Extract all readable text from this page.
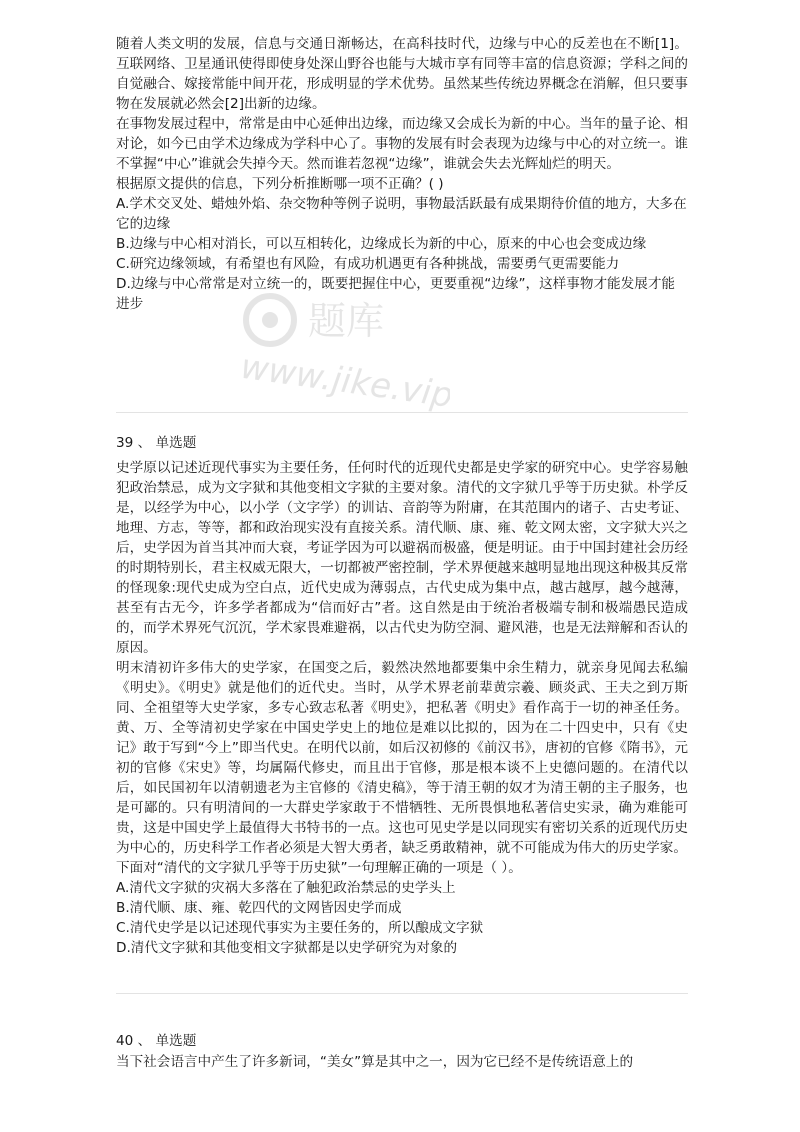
随着人类文明的发展，信息与交通日渐畅达，在高科技时代，边缘与中心的反差也在不断[1]。互联网络、卫星通讯使得即使身处深山野谷也能与大城市享有同等丰富的信息资源；学科之间的自觉融合、嫁接常能中间开花，形成明显的学术优势。虽然某些传统边界概念在消解，但只要事物在发展就必然会[2]出新的边缘。

在事物发展过程中，常常是由中心延伸出边缘，而边缘又会成长为新的中心。当年的量子论、相对论，如今已由学术边缘成为学科中心了。事物的发展有时会表现为边缘与中心的对立统一。谁不掌握“中心”谁就会失掉今天。然而谁若忽视“边缘”，谁就会失去光辉灿烂的明天。

根据原文提供的信息，下列分析推断哪一项不正确？( )

A.学术交叉处、蜡烛外焰、杂交物种等例子说明，事物最活跃最有成果期待价值的地方，大多在它的边缘

B.边缘与中心相对消长，可以互相转化，边缘成长为新的中心，原来的中心也会变成边缘

C.研究边缘领域，有希望也有风险，有成功机遇更有各种挑战，需要勇气更需要能力

D.边缘与中心常常是对立统一的，既要把握住中心，更要重视“边缘”，这样事物才能发展才能进步	题库
www.jike.vip

39 、 单选题

史学原以记述近现代事实为主要任务，任何时代的近现代史都是史学家的研究中心。史学容易触犯政治禁忌，成为文字狱和其他变相文字狱的主要对象。清代的文字狱几乎等于历史狱。朴学反是，以经学为中心，以小学（文字学）的训诂、音韵等为附庸，在其范围内的诸子、古史考证、地理、方志，等等，都和政治现实没有直接关系。清代顺、康、雍、乾文网太密，文字狱大兴之后，史学因为首当其冲而大衰，考证学因为可以避祸而极盛，便是明证。由于中国封建社会历经的时期特别长，君主权威无限大，一切都被严密控制，学术界便越来越明显地出现这种极其反常的怪现象:现代史成为空白点，近代史成为薄弱点，古代史成为集中点，越古越厚，越今越薄，甚至有古无今，许多学者都成为“信而好古”者。这自然是由于统治者极端专制和极端愚民造成的，而学术界死气沉沉，学术家畏难避祸，以古代史为防空洞、避风港，也是无法辩解和否认的原因。

明末清初许多伟大的史学家，在国变之后，毅然决然地都要集中余生精力，就亲身见闻去私编《明史》。《明史》就是他们的近代史。当时，从学术界老前辈黄宗羲、顾炎武、王夫之到万斯同、全祖望等大史学家，多专心致志私著《明史》，把私著《明史》看作高于一切的神圣任务。黄、万、全等清初史学家在中国史学史上的地位是难以比拟的，因为在二十四史中，只有《史记》敢于写到“今上”即当代史。在明代以前，如后汉初修的《前汉书》，唐初的官修《隋书》，元初的官修《宋史》等，均属隔代修史，而且出于官修，那是根本谈不上史德问题的。在清代以后，如民国初年以清朝遗老为主官修的《清史稿》，等于清王朝的奴才为清王朝的主子服务，也是可鄙的。只有明清间的一大群史学家敢于不惜牺牲、无所畏惧地私著信史实录，确为难能可贵，这是中国史学上最值得大书特书的一点。这也可见史学是以同现实有密切关系的近现代历史为中心的，历史科学工作者必须是大智大勇者，缺乏勇敢精神，就不可能成为伟大的历史学家。

下面对“清代的文字狱几乎等于历史狱”一句理解正确的一项是（ ）。

A.清代文字狱的灾祸大多落在了触犯政治禁忌的史学头上

B.清代顺、康、雍、乾四代的文网皆因史学而成

C.清代史学是以记述现代事实为主要任务的，所以酿成文字狱

D.清代文字狱和其他变相文字狱都是以史学研究为对象的

40 、 单选题

当下社会语言中产生了许多新词，“美女”算是其中之一，因为它已经不是传统语意上的
